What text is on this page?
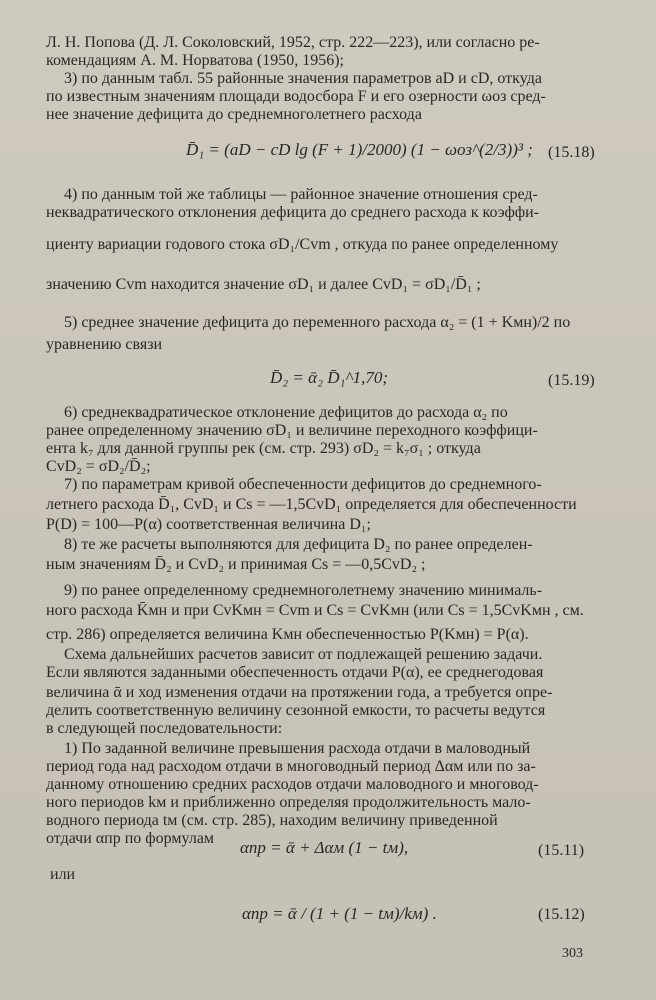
Л. Н. Попова (Д. Л. Соколовский, 1952, стр. 222—223), или согласно ре-
комендациям А. М. Норватова (1950, 1956);
3) по данным табл. 55 районные значения параметров aD и cD, откуда
по известным значениям площади водосбора F и его озерности ωоз сред-
нее значение дефицита до среднемноголетнего расхода
D̄₁ = (aD − cD lg (F + 1)/2000) (1 − ωоз^(2/3))³ ; (15.18)
4) по данным той же таблицы — районное значение отношения сред-
неквадратического отклонения дефицита до среднего расхода к коэффи-
циенту вариации годового стока σD₁/Cvm , откуда по ранее определенному
значению Cvm находится значение σD₁ и далее CvD₁ = σD₁/D̄₁ ;
5) среднее значение дефицита до переменного расхода α₂ = (1 + Kмн)/2 по
уравнению связи
D̄₂ = ᾱ₂ D̄₁^1,70;	(15.19)
6) среднеквадратическое отклонение дефицитов до расхода α₂ по
ранее определенному значению σD₁ и величине переходного коэффици-
ента k₇ для данной группы рек (см. стр. 293) σD₂ = k₇σ₁ ; откуда
CvD₂ = σD₂/D̄₂;
7) по параметрам кривой обеспеченности дефицитов до среднемного-
летнего расхода D̄₁, CvD₁ и Cs = —1,5CvD₁ определяется для обеспеченности
P(D) = 100—P(α) соответственная величина D₁;
8) те же расчеты выполняются для дефицита D₂ по ранее определен-
ным значениям D̄₂ и CvD₂ и принимая Cs = —0,5CvD₂ ;
9) по ранее определенному среднемноголетнему значению минималь-
ного расхода K̄мн и при CvKмн = Cvm и Cs = CvKмн (или Cs = 1,5CvKмн , см.
стр. 286) определяется величина Kмн обеспеченностью P(Kмн) = P(α).
Схема дальнейших расчетов зависит от подлежащей решению задачи.
Если являются заданными обеспеченность отдачи P(α), ее среднегодовая
величина ᾱ и ход изменения отдачи на протяжении года, а требуется опре-
делить соответственную величину сезонной емкости, то расчеты ведутся
в следующей последовательности:
1) По заданной величине превышения расхода отдачи в маловодный
период года над расходом отдачи в многоводный период Δαм или по за-
данному отношению средних расходов отдачи маловодного и многовод-
ного периодов kм и приближенно определяя продолжительность мало-
водного периода tм (см. стр. 285), находим величину приведенной
отдачи αпр по формулам αпр = ᾱ + Δαм (1 − tм),	(15.11)
или
αпр = ᾱ / (1 + (1 − tм)/kм) .	(15.12)
303
